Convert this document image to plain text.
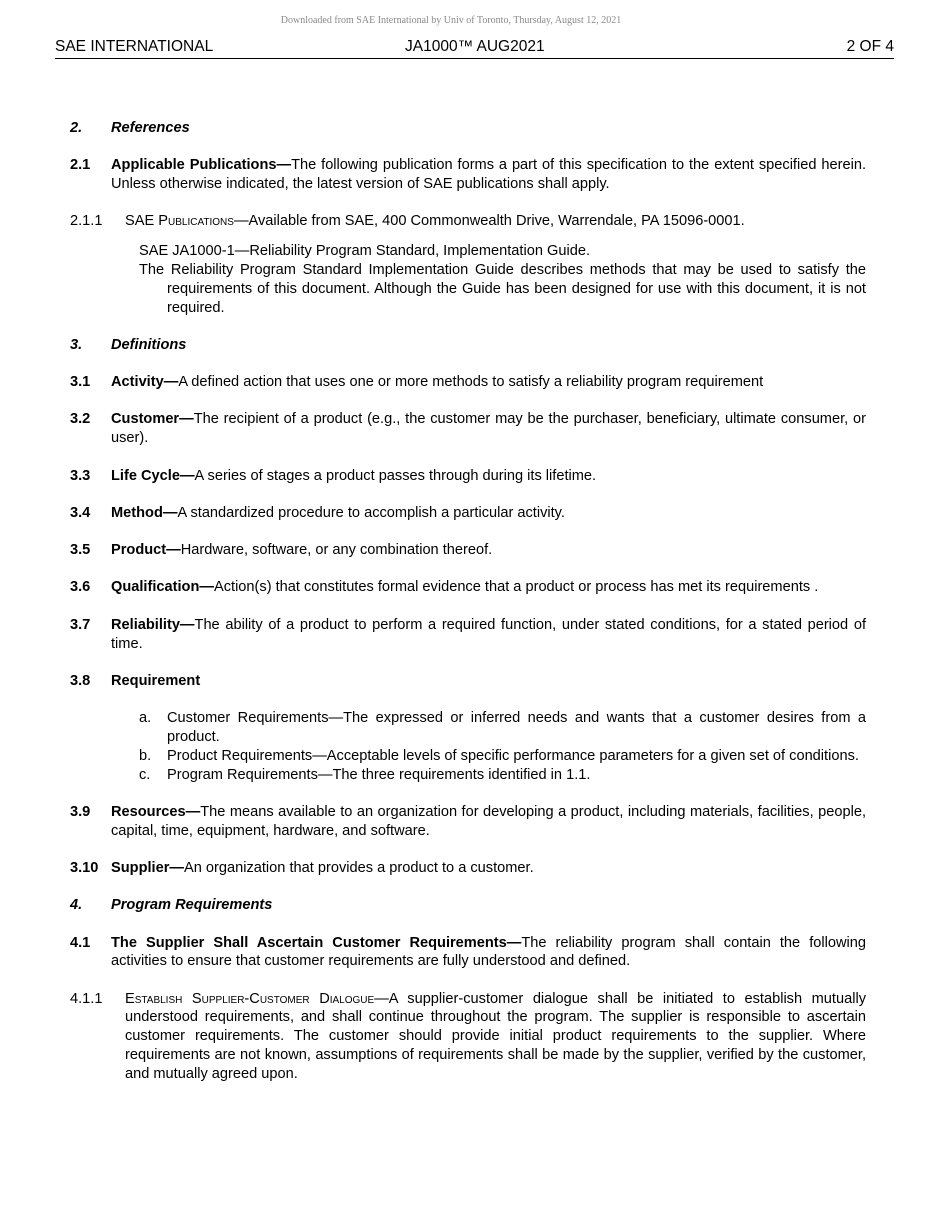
Downloaded from SAE International by Univ of Toronto, Thursday, August 12, 2021
SAE INTERNATIONAL	JA1000™ AUG2021	2 OF 4
2.	References
2.1	Applicable Publications—The following publication forms a part of this specification to the extent specified herein. Unless otherwise indicated, the latest version of SAE publications shall apply.
2.1.1	SAE Publications—Available from SAE, 400 Commonwealth Drive, Warrendale, PA 15096-0001.
SAE JA1000-1—Reliability Program Standard, Implementation Guide.
The Reliability Program Standard Implementation Guide describes methods that may be used to satisfy the requirements of this document. Although the Guide has been designed for use with this document, it is not required.
3.	Definitions
3.1	Activity—A defined action that uses one or more methods to satisfy a reliability program requirement
3.2	Customer—The recipient of a product (e.g., the customer may be the purchaser, beneficiary, ultimate consumer, or user).
3.3	Life Cycle—A series of stages a product passes through during its lifetime.
3.4	Method—A standardized procedure to accomplish a particular activity.
3.5	Product—Hardware, software, or any combination thereof.
3.6	Qualification—Action(s) that constitutes formal evidence that a product or process has met its requirements .
3.7	Reliability—The ability of a product to perform a required function, under stated conditions, for a stated period of time.
3.8	Requirement
a.	Customer Requirements—The expressed or inferred needs and wants that a customer desires from a product.
b.	Product Requirements—Acceptable levels of specific performance parameters for a given set of conditions.
c.	Program Requirements—The three requirements identified in 1.1.
3.9	Resources—The means available to an organization for developing a product, including materials, facilities, people, capital, time, equipment, hardware, and software.
3.10 Supplier—An organization that provides a product to a customer.
4.	Program Requirements
4.1	The Supplier Shall Ascertain Customer Requirements—The reliability program shall contain the following activities to ensure that customer requirements are fully understood and defined.
4.1.1	Establish Supplier-Customer Dialogue—A supplier-customer dialogue shall be initiated to establish mutually understood requirements, and shall continue throughout the program. The supplier is responsible to ascertain customer requirements. The customer should provide initial product requirements to the supplier. Where requirements are not known, assumptions of requirements shall be made by the supplier, verified by the customer, and mutually agreed upon.
